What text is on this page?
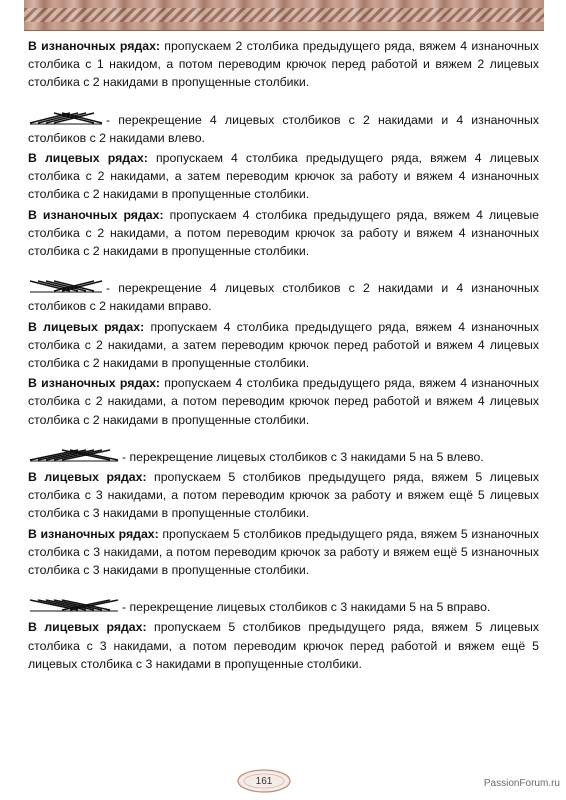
В изнаночных рядах: пропускаем 2 столбика предыдущего ряда, вяжем 4 изнаночных столбика с 1 накидом, а потом переводим крючок перед работой и вяжем 2 лицевых столбика с 2 накидами в пропущенные столбики.

- перекрещение 4 лицевых столбиков с 2 накидами и 4 изнаночных столбиков с 2 накидами влево.

В лицевых рядах: пропускаем 4 столбика предыдущего ряда, вяжем 4 лицевых столбика с 2 накидами, а затем переводим крючок за работу и вяжем 4 изнаночных столбика с 2 накидами в пропущенные столбики.

В изнаночных рядах: пропускаем 4 столбика предыдущего ряда, вяжем 4 лицевые столбика с 2 накидами, а потом переводим крючок за работу и вяжем 4 изнаночных столбика с 2 накидами в пропущенные столбики.

- перекрещение 4 лицевых столбиков с 2 накидами и 4 изнаночных столбиков с 2 накидами вправо.

В лицевых рядах: пропускаем 4 столбика предыдущего ряда, вяжем 4 изнаночных столбика с 2 накидами, а затем переводим крючок перед работой и вяжем 4 лицевых столбика с 2 накидами в пропущенные столбики.

В изнаночных рядах: пропускаем 4 столбика предыдущего ряда, вяжем 4 изнаночных столбика с 2 накидами, а потом переводим крючок перед работой и вяжем 4 лицевых столбика с 2 накидами в пропущенные столбики.

- перекрещение лицевых столбиков с 3 накидами 5 на 5 влево.

В лицевых рядах: пропускаем 5 столбиков предыдущего ряда, вяжем 5 лицевых столбика с 3 накидами, а потом переводим крючок за работу и вяжем ещё 5 лицевых столбика с 3 накидами в пропущенные столбики.

В изнаночных рядах: пропускаем 5 столбиков предыдущего ряда, вяжем 5 изнаночных столбика с 3 накидами, а потом переводим крючок за работу и вяжем ещё 5 изнаночных столбика с 3 накидами в пропущенные столбики.

- перекрещение лицевых столбиков с 3 накидами 5 на 5 вправо.

В лицевых рядах: пропускаем 5 столбиков предыдущего ряда, вяжем 5 лицевых столбика с 3 накидами, а потом переводим крючок перед работой и вяжем ещё 5 лицевых столбика с 3 накидами в пропущенные столбики.

161	PassionForum.ru
